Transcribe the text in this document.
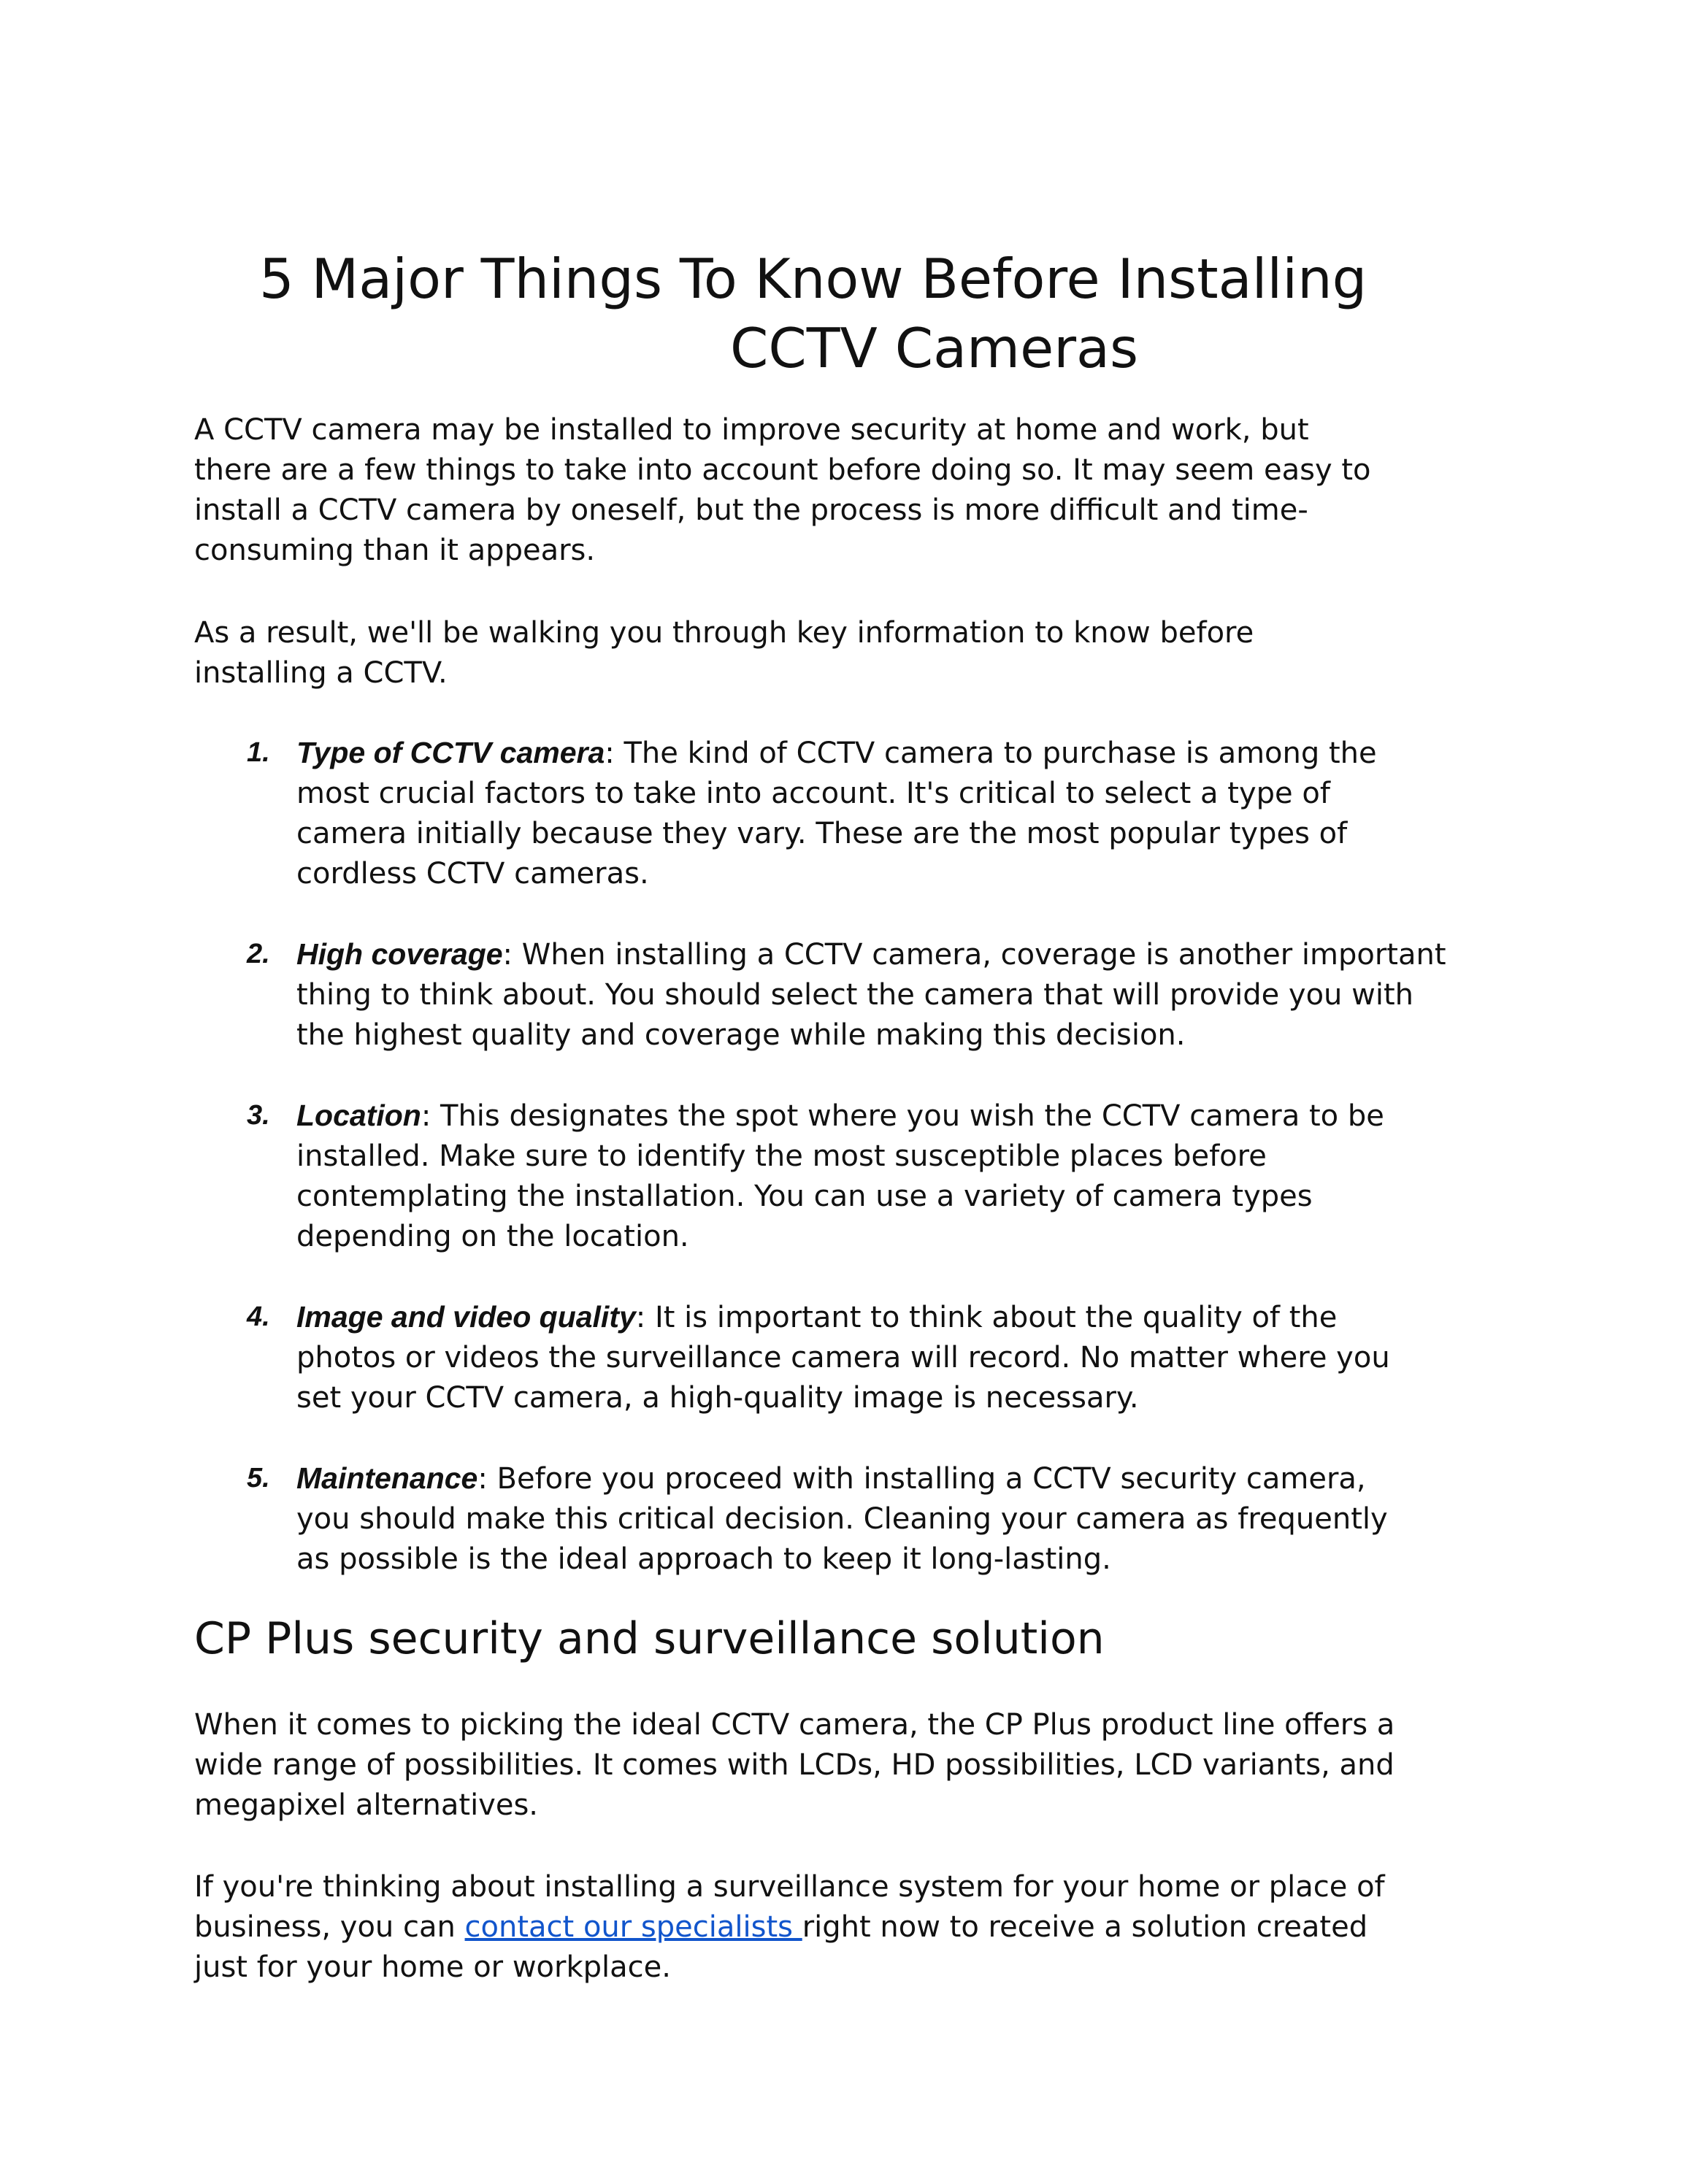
5 Major Things To Know Before Installing
CCTV Cameras

A CCTV camera may be installed to improve security at home and work, but
there are a few things to take into account before doing so. It may seem easy to
install a CCTV camera by oneself, but the process is more difficult and time-
consuming than it appears.

As a result, we'll be walking you through key information to know before
installing a CCTV.

1. Type of CCTV camera: The kind of CCTV camera to purchase is among the
most crucial factors to take into account. It's critical to select a type of
camera initially because they vary. These are the most popular types of
cordless CCTV cameras.
2. High coverage: When installing a CCTV camera, coverage is another important
thing to think about. You should select the camera that will provide you with
the highest quality and coverage while making this decision.
3. Location: This designates the spot where you wish the CCTV camera to be
installed. Make sure to identify the most susceptible places before
contemplating the installation. You can use a variety of camera types
depending on the location.
4. Image and video quality: It is important to think about the quality of the
photos or videos the surveillance camera will record. No matter where you
set your CCTV camera, a high-quality image is necessary.
5. Maintenance: Before you proceed with installing a CCTV security camera,
you should make this critical decision. Cleaning your camera as frequently
as possible is the ideal approach to keep it long-lasting.
CP Plus security and surveillance solution

When it comes to picking the ideal CCTV camera, the CP Plus product line offers a
wide range of possibilities. It comes with LCDs, HD possibilities, LCD variants, and
megapixel alternatives.

If you're thinking about installing a surveillance system for your home or place of
business, you can contact our specialists right now to receive a solution created
just for your home or workplace.
